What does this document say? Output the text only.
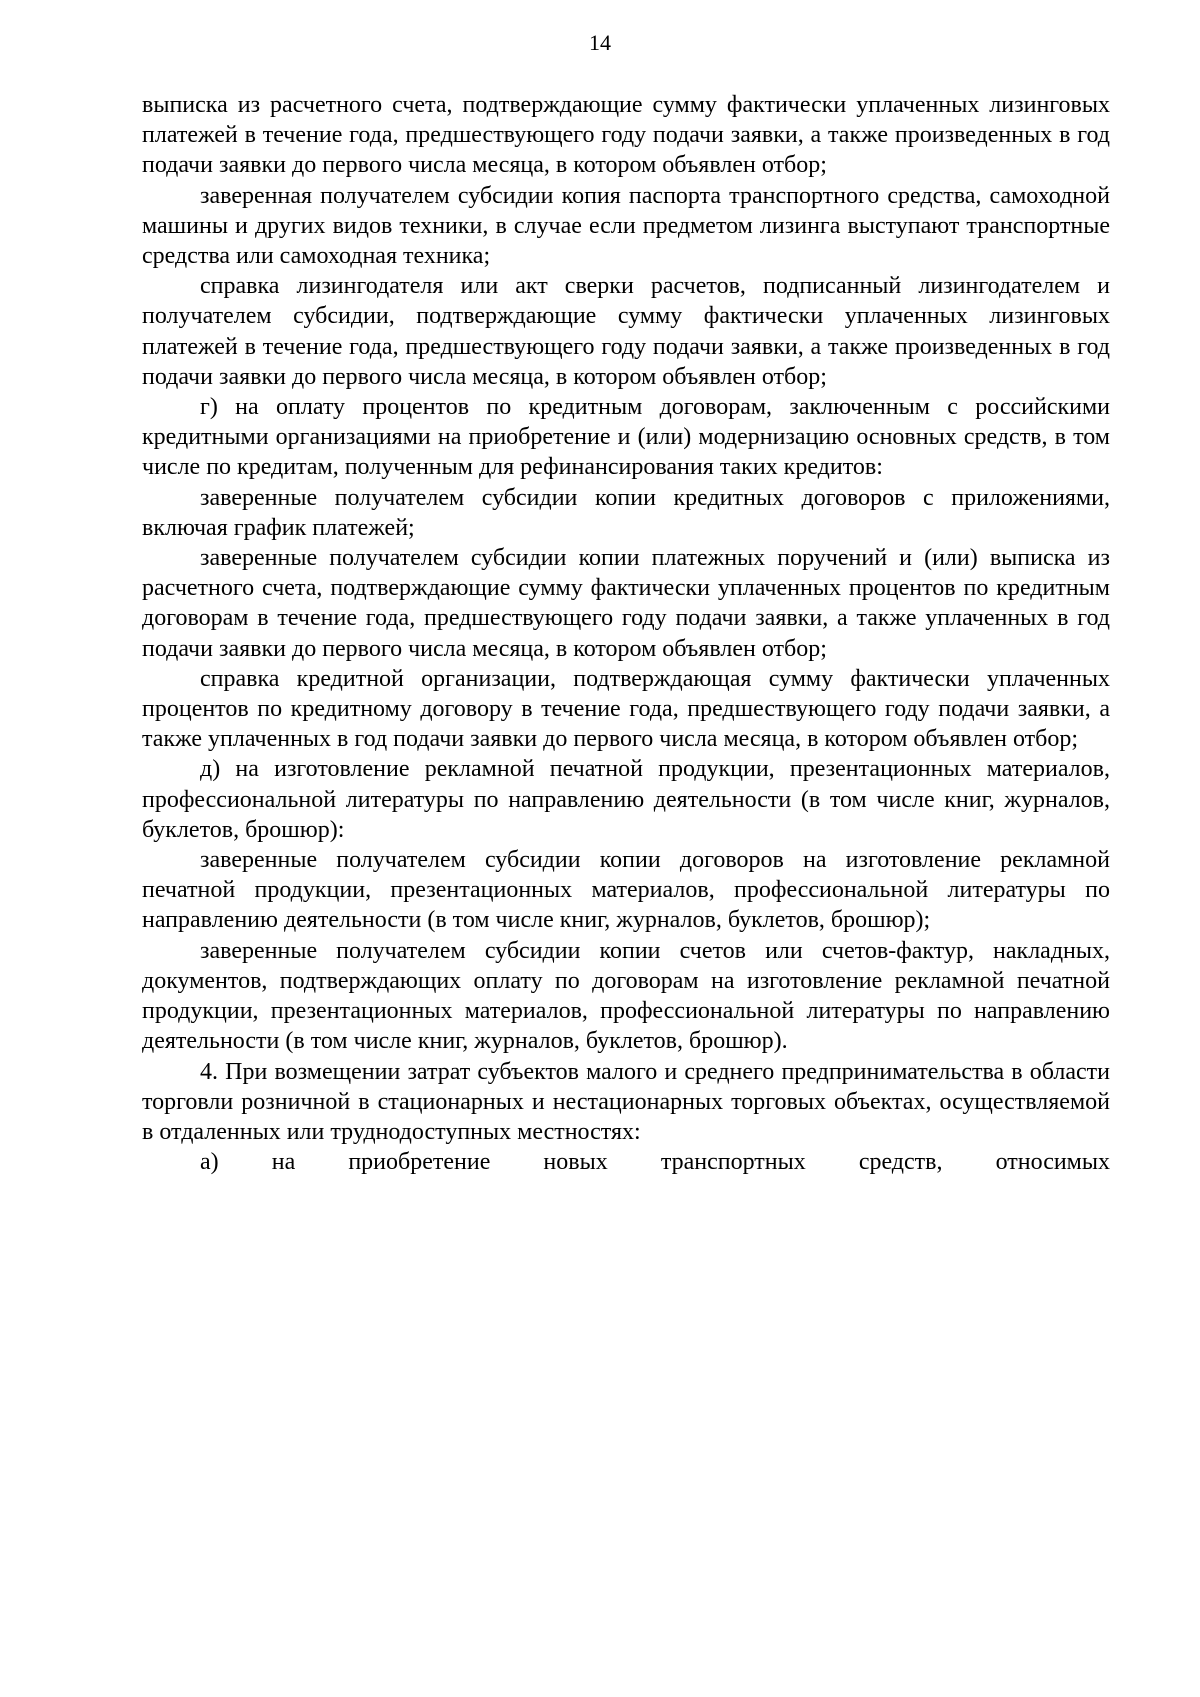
14

выписка из расчетного счета, подтверждающие сумму фактически уплаченных лизинговых платежей в течение года, предшествующего году подачи заявки, а также произведенных в год подачи заявки до первого числа месяца, в котором объявлен отбор;

заверенная получателем субсидии копия паспорта транспортного средства, самоходной машины и других видов техники, в случае если предметом лизинга выступают транспортные средства или самоходная техника;

справка лизингодателя или акт сверки расчетов, подписанный лизингодателем и получателем субсидии, подтверждающие сумму фактически уплаченных лизинговых платежей в течение года, предшествующего году подачи заявки, а также произведенных в год подачи заявки до первого числа месяца, в котором объявлен отбор;

г) на оплату процентов по кредитным договорам, заключенным с российскими кредитными организациями на приобретение и (или) модернизацию основных средств, в том числе по кредитам, полученным для рефинансирования таких кредитов:

заверенные получателем субсидии копии кредитных договоров с приложениями, включая график платежей;

заверенные получателем субсидии копии платежных поручений и (или) выписка из расчетного счета, подтверждающие сумму фактически уплаченных процентов по кредитным договорам в течение года, предшествующего году подачи заявки, а также уплаченных в год подачи заявки до первого числа месяца, в котором объявлен отбор;

справка кредитной организации, подтверждающая сумму фактически уплаченных процентов по кредитному договору в течение года, предшествующего году подачи заявки, а также уплаченных в год подачи заявки до первого числа месяца, в котором объявлен отбор;

д) на изготовление рекламной печатной продукции, презентационных материалов, профессиональной литературы по направлению деятельности (в том числе книг, журналов, буклетов, брошюр):

заверенные получателем субсидии копии договоров на изготовление рекламной печатной продукции, презентационных материалов, профессиональной литературы по направлению деятельности (в том числе книг, журналов, буклетов, брошюр);

заверенные получателем субсидии копии счетов или счетов-фактур, накладных, документов, подтверждающих оплату по договорам на изготовление рекламной печатной продукции, презентационных материалов, профессиональной литературы по направлению деятельности (в том числе книг, журналов, буклетов, брошюр).

4. При возмещении затрат субъектов малого и среднего предпринимательства в области торговли розничной в стационарных и нестационарных торговых объектах, осуществляемой в отдаленных или труднодоступных местностях:

а) на приобретение новых транспортных средств, относимых
